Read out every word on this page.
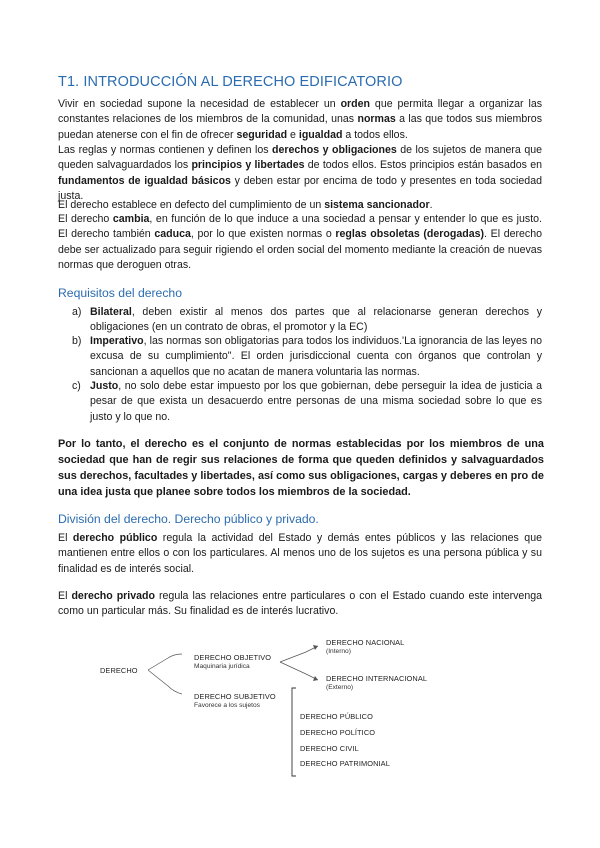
T1. INTRODUCCIÓN AL DERECHO EDIFICATORIO

Vivir en sociedad supone la necesidad de establecer un orden que permita llegar a organizar las constantes relaciones de los miembros de la comunidad, unas normas a las que todos sus miembros puedan atenerse con el fin de ofrecer seguridad e igualdad a todos ellos.

Las reglas y normas contienen y definen los derechos y obligaciones de los sujetos de manera que queden salvaguardados los principios y libertades de todos ellos. Estos principios están basados en fundamentos de igualdad básicos y deben estar por encima de todo y presentes en toda sociedad justa.

El derecho establece en defecto del cumplimiento de un sistema sancionador.

El derecho cambia, en función de lo que induce a una sociedad a pensar y entender lo que es justo. El derecho también caduca, por lo que existen normas o reglas obsoletas (derogadas). El derecho debe ser actualizado para seguir rigiendo el orden social del momento mediante la creación de nuevas normas que deroguen otras.

Requisitos del derecho
a) Bilateral, deben existir al menos dos partes que al relacionarse generan derechos y obligaciones (en un contrato de obras, el promotor y la EC)
b) Imperativo, las normas son obligatorias para todos los individuos.'La ignorancia de las leyes no excusa de su cumplimiento". El orden jurisdiccional cuenta con órganos que controlan y sancionan a aquellos que no acatan de manera voluntaria las normas.
c) Justo, no solo debe estar impuesto por los que gobiernan, debe perseguir la idea de justicia a pesar de que exista un desacuerdo entre personas de una misma sociedad sobre lo que es justo y lo que no.

Por lo tanto, el derecho es el conjunto de normas establecidas por los miembros de una sociedad que han de regir sus relaciones de forma que queden definidos y salvaguardados sus derechos, facultades y libertades, así como sus obligaciones, cargas y deberes en pro de una idea justa que planee sobre todos los miembros de la sociedad.

División del derecho. Derecho público y privado.

El derecho público regula la actividad del Estado y demás entes públicos y las relaciones que mantienen entre ellos o con los particulares. Al menos uno de los sujetos es una persona pública y su finalidad es de interés social.

El derecho privado regula las relaciones entre particulares o con el Estado cuando este intervenga como un particular más. Su finalidad es de interés lucrativo.

DERECHO
DERECHO OBJETIVO
Maquinaria jurídica
DERECHO NACIONAL
(Interno)
DERECHO INTERNACIONAL
(Externo)
DERECHO SUBJETIVO
Favorece a los sujetos
DERECHO PÚBLICO
DERECHO POLÍTICO
DERECHO CIVIL
DERECHO PATRIMONIAL
